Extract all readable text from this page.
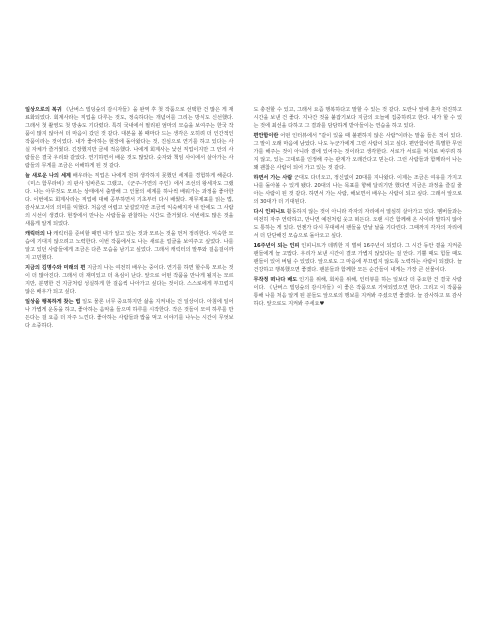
일상으로의 복귀 《난버스 빌딩숲의 감시자들》을 완역 후 첫 작품으로 선택한 건 많은 게 재료화되었다. 회계사라는 직업을 다루는 것도, 정숙하다는 개념어를 그리는 방식도 신선했다. 그래서 첫 촬영도 첫 방송도 기다렸다. 특히 국내에서 필리핀 엄마의 모습을 보여주는 한국 작품이 많지 않아서 더 마음이 갔던 것 같다. 대본을 볼 때마다 드는 생각은 오히려 더 인간적인 작품이라는 것이었다. 내가 좋아하는 현장에 돌아왔다는 것, 진심으로 연기를 하고 있다는 사실 자체가 즐거웠다. 긴장했지만 금세 적응했다. 나에게 회계사는 낯선 직업이지만 그 안의 사람들은 결국 우리와 같았다. 연기하면서 배운 것도 많았다. 숫자와 책임 사이에서 살아가는 사람들의 무게를 조금은 이해하게 된 것 같다.

늘 새로운 나의 세계 배우라는 직업은 나에게 전혀 생각하지 못했던 세계를 경험하게 해준다. 《미스 함무라비》의 판사 임바른도 그랬고, 《군주-가면의 주인》에서 조선의 왕세자도 그랬다. 나는 아무것도 모르는 상태에서 출발해 그 인물의 세계를 하나씩 배워가는 과정을 좋아한다. 이번에도 회계사라는 직업에 대해 공부하면서 기초부터 다시 배웠다. 재무제표를 읽는 법, 감사보고서의 의미를 익혔다. 처음엔 어렵고 낯설었지만 조금씩 익숙해지자 내 안에도 그 사람의 시선이 생겼다. 현장에서 만나는 사람들을 관찰하는 시간도 즐거웠다. 이번에도 많은 것을 새롭게 알게 되었다.

캐릭터의 나 캐릭터를 준비할 때면 내가 알고 있는 것과 모르는 것을 먼저 정리한다. 익숙한 모습에 기대지 않으려고 노력한다. 이번 작품에서도 나는 새로운 얼굴을 보여주고 싶었다. 나를 알고 있던 사람들에게 조금은 다른 모습을 남기고 싶었다. 그래서 캐릭터의 말투와 걸음걸이까지 고민했다.

지금의 김명수와 미래의 편 지금의 나는 여전히 배우는 중이다. 연기를 하면 할수록 모르는 것이 더 많아진다. 그래서 더 재미있고 더 욕심이 난다. 앞으로 어떤 작품을 만나게 될지는 모르지만, 분명한 건 지금처럼 성실하게 한 걸음씩 나아가고 싶다는 것이다. 스스로에게 부끄럽지 않은 배우가 되고 싶다.

일상을 행복하게 찾는 법 일도 물론 너무 중요하지만 삶을 지켜내는 건 일상이다. 아침에 일어나 가볍게 운동을 하고, 좋아하는 음악을 들으며 하루를 시작한다. 작은 것들이 모여 하루를 만든다는 걸 요즘 더 자주 느낀다. 좋아하는 사람들과 밥을 먹고 이야기를 나누는 시간이 무엇보다 소중하다.

도 충전할 수 있고, 그래서 요즘 행복하다고 말할 수 있는 것 같다. 도란나 앞에 혼자 전진하고 시간을 보낸 건 좋다. 지나간 것을 붙잡기보다 지금의 오늘에 집중하려고 한다. 내가 할 수 있는 것에 최선을 다하고 그 결과를 담담하게 받아들이는 연습을 하고 있다.

편안함이란 어떤 인터뷰에서 "같이 있을 때 불편하지 않은 사람"이라는 말을 들은 적이 있다. 그 말이 오래 마음에 남았다. 나도 누군가에게 그런 사람이 되고 싶다. 편안함이란 특별한 무언가를 해주는 것이 아니라 곁에 있어주는 것이라고 생각한다. 서로가 서로를 억지로 바꾸려 하지 않고, 있는 그대로를 인정해 주는 관계가 오래간다고 믿는다. 그런 사람들과 함께라서 나는 꽤 괜찮은 사람이 되어 가고 있는 것 같다.

하면서 가는 사람 군대도 다녀오고, 정신없이 20대를 지나왔다. 이제는 조금은 여유를 가지고 나를 돌아볼 수 있게 됐다. 20대의 나는 목표를 향해 달리기만 했다면 지금은 과정을 즐길 줄 아는 사람이 된 것 같다. 하면서 가는 사람, 해보면서 배우는 사람이 되고 싶다. 그래서 앞으로의 30대가 더 기대된다.

다시 인피니트 활동하지 않는 것이 아니라 각자의 자리에서 열심히 살아가고 있다. 멤버들과는 여전히 자주 연락하고, 만나면 예전처럼 웃고 떠든다. 오랜 시간 함께해 온 사이라 말하지 않아도 통하는 게 있다. 언젠가 다시 무대에서 팬들을 만날 날을 기다린다. 그때까지 각자의 자리에서 더 단단해진 모습으로 돌아오고 싶다.

16주년이 되는 인피 인피니트가 데뷔한 지 벌써 16주년이 되었다. 그 시간 동안 곁을 지켜준 팬들에게 늘 고맙다. 우리가 보낸 시간이 결코 가볍지 않았다는 걸 안다. 기쁠 때도 힘들 때도 팬들이 있어 버틸 수 있었다. 앞으로도 그 마음에 부끄럽지 않도록 노력하는 사람이 되겠다. 늘 건강하고 행복했으면 좋겠다. 팬분들과 함께한 모든 순간들이 내게는 가장 큰 선물이다.

무작정 떠나다 배도 인기를 위해, 회차를 위해, 인터뷰를 하는 일보다 더 중요한 건 결국 사람이다. 《난버스 빌딩숲의 감시자들》이 좋은 작품으로 기억되었으면 한다. 그리고 이 작품을 통해 나를 처음 알게 된 분들도 앞으로의 행보를 지켜봐 주셨으면 좋겠다. 늘 감사하고 또 감사하다. 앞으로도 지켜봐 주세요♥
